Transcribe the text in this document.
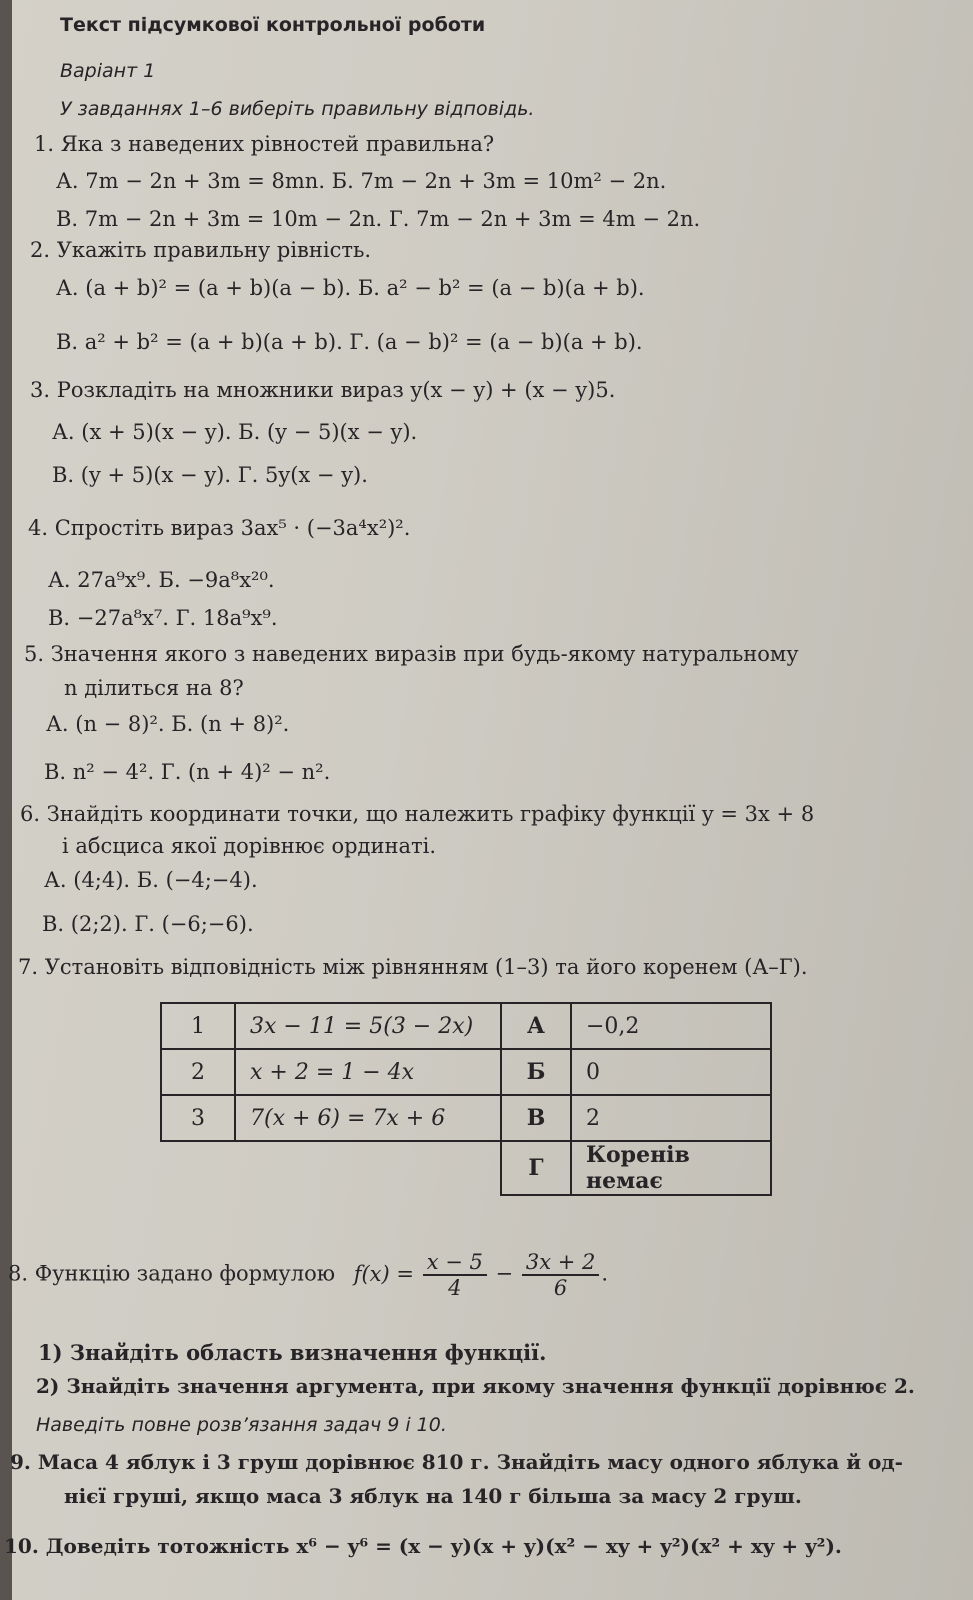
Текст підсумкової контрольної роботи
Варіант 1
У завданнях 1–6 виберіть правильну відповідь.
1. Яка з наведених рівностей правильна?
А. 7m − 2n + 3m = 8mn. Б. 7m − 2n + 3m = 10m² − 2n.
В. 7m − 2n + 3m = 10m − 2n. Г. 7m − 2n + 3m = 4m − 2n.
2. Укажіть правильну рівність.
А. (a + b)² = (a + b)(a − b). Б. a² − b² = (a − b)(a + b).
В. a² + b² = (a + b)(a + b). Г. (a − b)² = (a − b)(a + b).
3. Розкладіть на множники вираз y(x − y) + (x − y)5.
А. (x + 5)(x − y). Б. (y − 5)(x − y).
В. (y + 5)(x − y). Г. 5y(x − y).
4. Спростіть вираз 3ax⁵ · (−3a⁴x²)².
А. 27a⁹x⁹. Б. −9a⁸x²⁰.
В. −27a⁸x⁷. Г. 18a⁹x⁹.
5. Значення якого з наведених виразів при будь-якому натуральному
n ділиться на 8?
А. (n − 8)². Б. (n + 8)².
В. n² − 4². Г. (n + 4)² − n².
6. Знайдіть координати точки, що належить графіку функції y = 3x + 8
і абсциса якої дорівнює ординаті.
А. (4;4). Б. (−4;−4).
В. (2;2). Г. (−6;−6).
7. Установіть відповідність між рівнянням (1–3) та його коренем (А–Г).
1	3x − 11 = 5(3 − 2x)	А	−0,2
2	x + 2 = 1 − 4x	Б	0
3	7(x + 6) = 7x + 6	В	2
		Г	Коренів немає
8. Функцію задано формулою $f(x) = \frac{x - 5}{4} - \frac{3x + 2}{6}$ .
1) Знайдіть область визначення функції.
2) Знайдіть значення аргумента, при якому значення функції дорівнює 2.
Наведіть повне розв’язання задач 9 і 10.
9. Маса 4 яблук і 3 груш дорівнює 810 г. Знайдіть масу одного яблука й од-
нієї груші, якщо маса 3 яблук на 140 г більша за масу 2 груш.
10. Доведіть тотожність x⁶ − y⁶ = (x − y)(x + y)(x² − xy + y²)(x² + xy + y²).
